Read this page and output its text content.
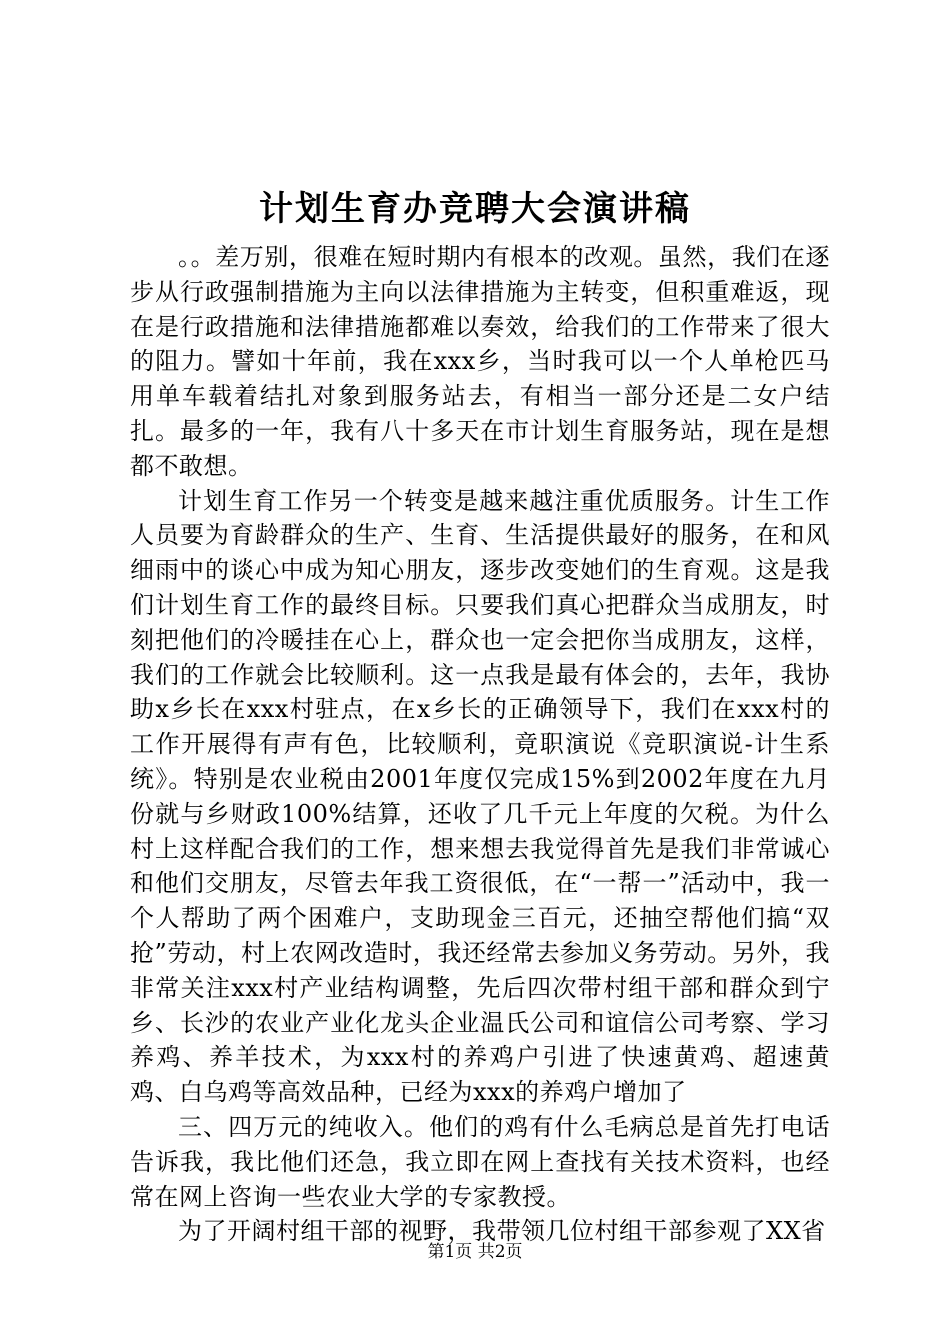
计划生育办竞聘大会演讲稿

。。差万别，很难在短时期内有根本的改观。虽然，我们在逐步从行政强制措施为主向以法律措施为主转变，但积重难返，现在是行政措施和法律措施都难以奏效，给我们的工作带来了很大的阻力。譬如十年前，我在xxx乡，当时我可以一个人单枪匹马用单车载着结扎对象到服务站去，有相当一部分还是二女户结扎。最多的一年，我有八十多天在市计划生育服务站，现在是想都不敢想。

计划生育工作另一个转变是越来越注重优质服务。计生工作人员要为育龄群众的生产、生育、生活提供最好的服务，在和风细雨中的谈心中成为知心朋友，逐步改变她们的生育观。这是我们计划生育工作的最终目标。只要我们真心把群众当成朋友，时刻把他们的冷暖挂在心上，群众也一定会把你当成朋友，这样，我们的工作就会比较顺利。这一点我是最有体会的，去年，我协助x乡长在xxx村驻点，在x乡长的正确领导下，我们在xxx村的工作开展得有声有色，比较顺利，竟职演说《竞职演说-计生系统》。特别是农业税由2001年度仅完成15%到2002年度在九月份就与乡财政100%结算，还收了几千元上年度的欠税。为什么村上这样配合我们的工作，想来想去我觉得首先是我们非常诚心和他们交朋友，尽管去年我工资很低，在“一帮一”活动中，我一个人帮助了两个困难户，支助现金三百元，还抽空帮他们搞“双抢”劳动，村上农网改造时，我还经常去参加义务劳动。另外，我非常关注xxx村产业结构调整，先后四次带村组干部和群众到宁乡、长沙的农业产业化龙头企业温氏公司和谊信公司考察、学习养鸡、养羊技术，为xxx村的养鸡户引进了快速黄鸡、超速黄鸡、白乌鸡等高效品种，已经为xxx的养鸡户增加了

三、四万元的纯收入。他们的鸡有什么毛病总是首先打电话告诉我，我比他们还急，我立即在网上查找有关技术资料，也经常在网上咨询一些农业大学的专家教授。

为了开阔村组干部的视野，我带领几位村组干部参观了XX省

第1页 共2页
